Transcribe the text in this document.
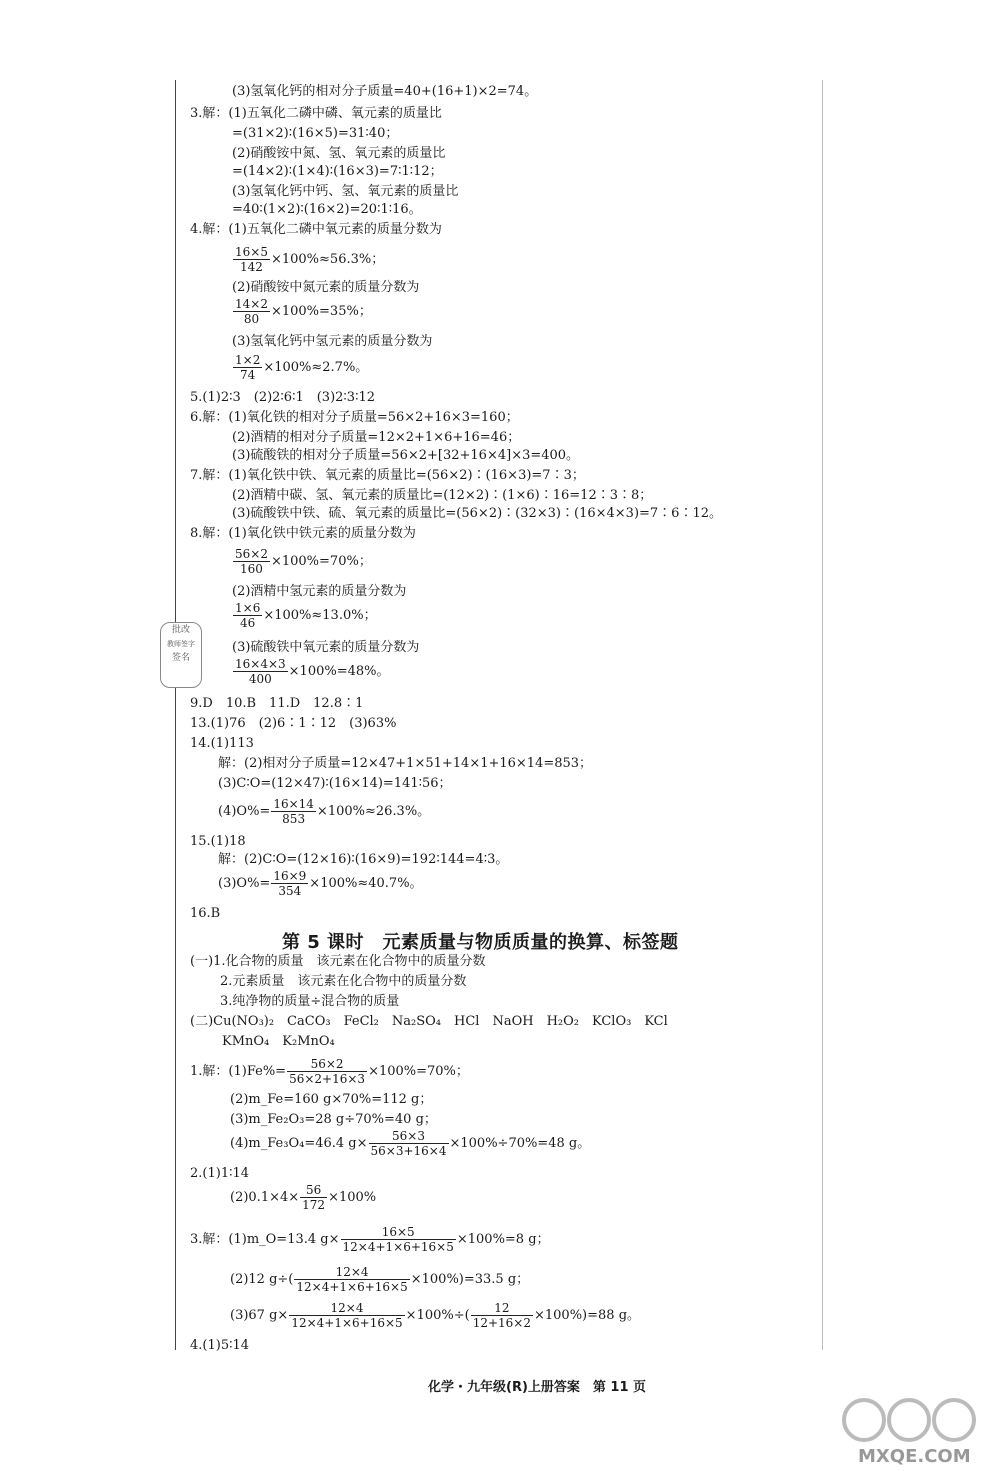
(3)氢氧化钙的相对分子质量=40+(16+1)×2=74。
3.解：(1)五氧化二磷中磷、氧元素的质量比
=(31×2)∶(16×5)=31∶40；
(2)硝酸铵中氮、氢、氧元素的质量比
=(14×2)∶(1×4)∶(16×3)=7∶1∶12；
(3)氢氧化钙中钙、氢、氧元素的质量比
=40∶(1×2)∶(16×2)=20∶1∶16。
4.解：(1)五氧化二磷中氧元素的质量分数为
$\frac{16\times 5}{142} \times 100\%\approx 56.3\%$；
(2)硝酸铵中氮元素的质量分数为
$\frac{14\times 2}{80} \times 100\%=35\%$；
(3)氢氧化钙中氢元素的质量分数为
$\frac{1\times 2}{74} \times 100\%\approx 2.7\%$。
5.(1)2∶3　(2)2∶6∶1　(3)2∶3∶12
6.解：(1)氧化铁的相对分子质量=56×2+16×3=160；
(2)酒精的相对分子质量=12×2+1×6+16=46；
(3)硫酸铁的相对分子质量=56×2+[32+16×4]×3=400。
7.解：(1)氧化铁中铁、氧元素的质量比=(56×2)∶(16×3)=7∶3；
(2)酒精中碳、氢、氧元素的质量比=(12×2)∶(1×6)∶16=12∶3∶8；
(3)硫酸铁中铁、硫、氧元素的质量比=(56×2)∶(32×3)∶(16×4×3)=7∶6∶12。
8.解：(1)氧化铁中铁元素的质量分数为
$\frac{56\times 2}{160} \times 100\%=70\%$；
(2)酒精中氢元素的质量分数为
$\frac{1\times 6}{46} \times 100\%\approx 13.0\%$；
(3)硫酸铁中氧元素的质量分数为
$\frac{16\times 4\times 3}{400} \times 100\%=48\%$。
9.D　10.B　11.D　12.8∶1
13.(1)76　(2)6∶1∶12　(3)63%
14.(1)113
解：(2)相对分子质量=12×47+1×51+14×1+16×14=853；
(3)C∶O=(12×47)∶(16×14)=141∶56；
$(4)O\%= \frac{16\times 14}{853} \times 100\%\approx 26.3\%$。
15.(1)18
解：(2)C∶O=(12×16)∶(16×9)=192∶144=4∶3。
$(3)O\%= \frac{16\times 9}{354} \times 100\%\approx 40.7\%$。
16.B
第 5 课时　元素质量与物质质量的换算、标签题
(一)1.化合物的质量　该元素在化合物中的质量分数
2.元素质量　该元素在化合物中的质量分数
3.纯净物的质量÷混合物的质量
(二)Cu(NO₃)₂　CaCO₃　FeCl₂　Na₂SO₄　HCl　NaOH　H₂O₂　KClO₃　KCl
KMnO₄　K₂MnO₄
1.解：$(1)Fe\%= \frac{56\times 2}{56\times 2+16\times 3} \times 100\%=70\%$；
(2)m_Fe=160 g×70%=112 g；
(3)m_Fe₂O₃=28 g÷70%=40 g；
(4)m_Fe₃O₄=46.4 $g\times \frac{56\times 3}{56\times 3+16\times 4} \times 100\%\div 70\%=48$ g。
2.(1)1∶14
$(2)0.1\times 4\times \frac{56}{172} \times 100\%$
3.解：(1)m_O=13.4 $g\times \frac{16\times 5}{12\times 4+1\times 6+16\times 5} \times 100\%=8$ g；
(2)12 $g\div( \frac{12\times 4}{12\times 4+1\times 6+16\times 5} \times 100\%)=33.5$ g；
(3)67 $g\times \frac{12\times 4}{12\times 4+1\times 6+16\times 5} \times 100\%\div( \frac{12}{12+16\times 2} \times 100\%)=88$ g。
4.(1)5∶14
批改
教师签字
签名
化学・九年级(R)上册答案　第 11 页
MXQE.COM
